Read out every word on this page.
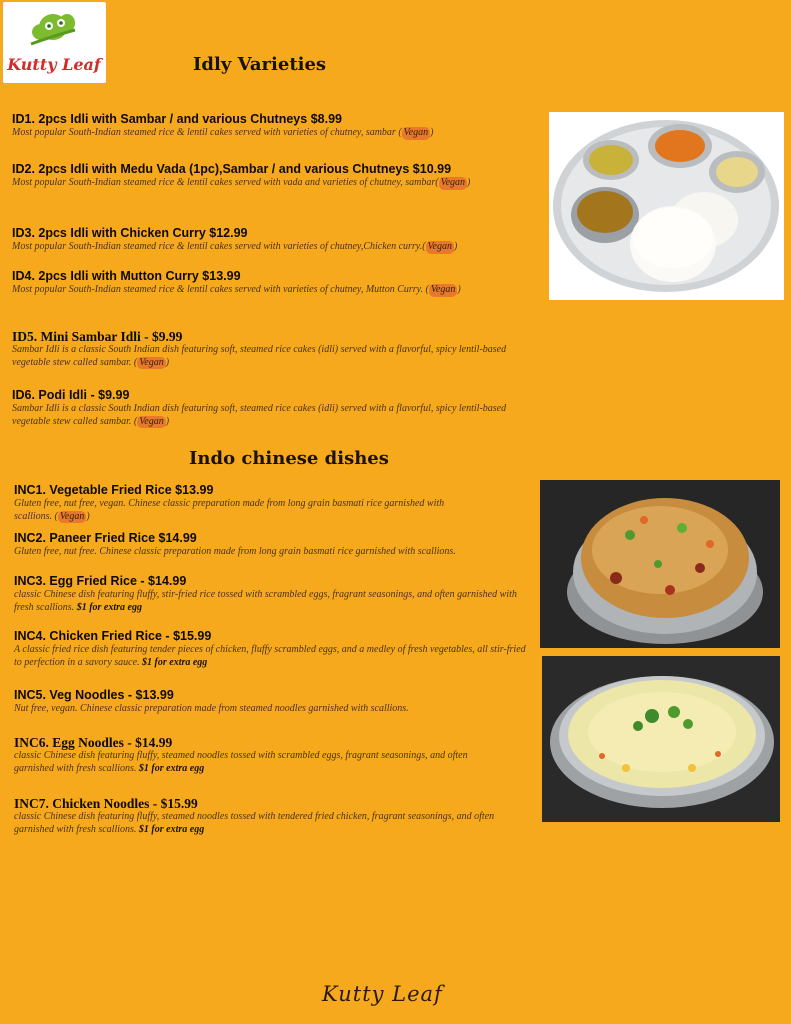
Kutty Leaf	Idly Varieties

ID1. 2pcs Idli with Sambar / and various Chutneys $8.99

Most popular South-Indian steamed rice & lentil cakes served with varieties of chutney, sambar ( Vegan )

ID2. 2pcs Idli with Medu Vada (1pc),Sambar / and various Chutneys $10.99

Most popular South-Indian steamed rice & lentil cakes served with vada and varieties of chutney, sambar( Vegan )

ID3. 2pcs Idli with Chicken Curry $12.99

Most popular South-Indian steamed rice & lentil cakes served with varieties of chutney,Chicken curry.( Vegan )

ID4. 2pcs Idli with Mutton Curry $13.99

Most popular South-Indian steamed rice & lentil cakes served with varieties of chutney, Mutton Curry. ( Vegan )

ID5. Mini Sambar Idli - $9.99

Sambar Idli is a classic South Indian dish featuring soft, steamed rice cakes (idli) served with a flavorful, spicy lentil-based vegetable stew called sambar. ( Vegan )

ID6. Podi Idli - $9.99

Sambar Idli is a classic South Indian dish featuring soft, steamed rice cakes (idli) served with a flavorful, spicy lentil-based vegetable stew called sambar. ( Vegan )

Indo chinese dishes

INC1. Vegetable Fried Rice $13.99

Gluten free, nut free, vegan. Chinese classic preparation made from long grain basmati rice garnished with scallions. ( Vegan )

INC2. Paneer Fried Rice $14.99

Gluten free, nut free. Chinese classic preparation made from long grain basmati rice garnished with scallions.

INC3. Egg Fried Rice - $14.99

classic Chinese dish featuring fluffy, stir-fried rice tossed with scrambled eggs, fragrant seasonings, and often garnished with fresh scallions. $1 for extra egg

INC4. Chicken Fried Rice - $15.99

A classic fried rice dish featuring tender pieces of chicken, fluffy scrambled eggs, and a medley of fresh vegetables, all stir-fried to perfection in a savory sauce. $1 for extra egg

INC5. Veg Noodles - $13.99

Nut free, vegan. Chinese classic preparation made from steamed noodles garnished with scallions.

INC6. Egg Noodles - $14.99

classic Chinese dish featuring fluffy, steamed noodles tossed with scrambled eggs, fragrant seasonings, and often garnished with fresh scallions. $1 for extra egg

INC7. Chicken Noodles - $15.99

classic Chinese dish featuring fluffy, steamed noodles tossed with tendered fried chicken, fragrant seasonings, and often garnished with fresh scallions. $1 for extra egg

Kutty Leaf
